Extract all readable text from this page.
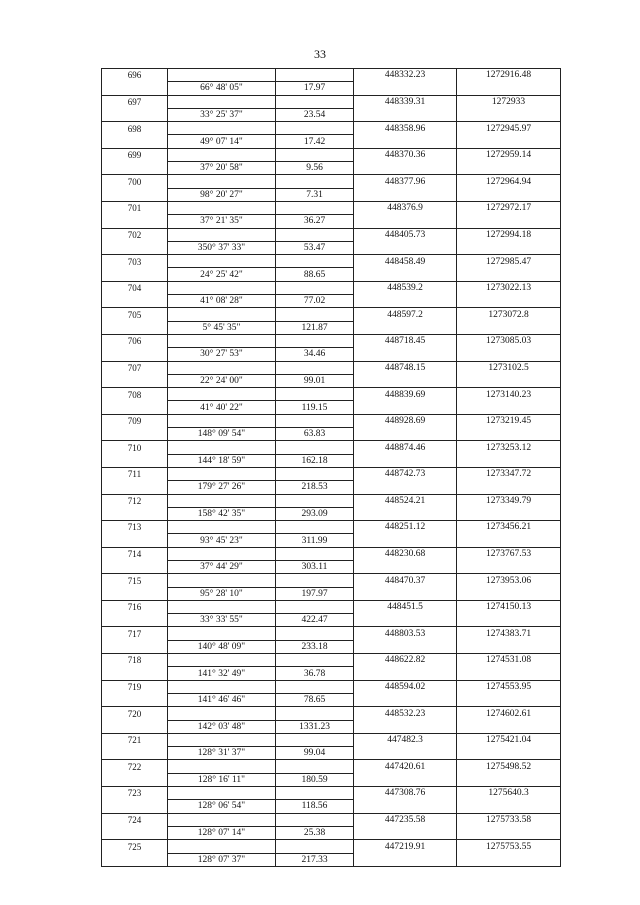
33
696			448332.23	1272916.48
	66° 48' 05"	17.97		
697			448339.31	1272933
	33° 25' 37"	23.54		
698			448358.96	1272945.97
	49° 07' 14"	17.42		
699			448370.36	1272959.14
	37° 20' 58"	9.56		
700			448377.96	1272964.94
	98° 20' 27"	7.31		
701			448376.9	1272972.17
	37° 21' 35"	36.27		
702			448405.73	1272994.18
	350° 37' 33"	53.47		
703			448458.49	1272985.47
	24° 25' 42"	88.65		
704			448539.2	1273022.13
	41° 08' 28"	77.02		
705			448597.2	1273072.8
	5° 45' 35"	121.87		
706			448718.45	1273085.03
	30° 27' 53"	34.46		
707			448748.15	1273102.5
	22° 24' 00"	99.01		
708			448839.69	1273140.23
	41° 40' 22"	119.15		
709			448928.69	1273219.45
	148° 09' 54"	63.83		
710			448874.46	1273253.12
	144° 18' 59"	162.18		
711			448742.73	1273347.72
	179° 27' 26"	218.53		
712			448524.21	1273349.79
	158° 42' 35"	293.09		
713			448251.12	1273456.21
	93° 45' 23"	311.99		
714			448230.68	1273767.53
	37° 44' 29"	303.11		
715			448470.37	1273953.06
	95° 28' 10"	197.97		
716			448451.5	1274150.13
	33° 33' 55"	422.47		
717			448803.53	1274383.71
	140° 48' 09"	233.18		
718			448622.82	1274531.08
	141° 32' 49"	36.78		
719			448594.02	1274553.95
	141° 46' 46"	78.65		
720			448532.23	1274602.61
	142° 03' 48"	1331.23		
721			447482.3	1275421.04
	128° 31' 37"	99.04		
722			447420.61	1275498.52
	128° 16' 11"	180.59		
723			447308.76	1275640.3
	128° 06' 54"	118.56		
724			447235.58	1275733.58
	128° 07' 14"	25.38		
725			447219.91	1275753.55
	128° 07' 37"	217.33		
